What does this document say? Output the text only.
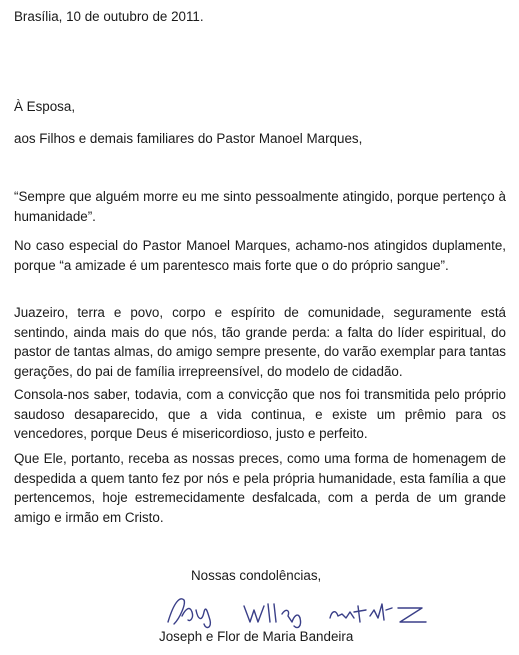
Brasília, 10 de outubro de 2011.

À Esposa,

aos Filhos e demais familiares do Pastor Manoel Marques,

“Sempre que alguém morre eu me sinto pessoalmente atingido, porque pertenço à humanidade”.

No caso especial do Pastor Manoel Marques, achamo-nos atingidos duplamente, porque “a amizade é um parentesco mais forte que o do próprio sangue”.

Juazeiro, terra e povo, corpo e espírito de comunidade, seguramente está sentindo, ainda mais do que nós, tão grande perda: a falta do líder espiritual, do pastor de tantas almas, do amigo sempre presente, do varão exemplar para tantas gerações, do pai de família irrepreensível, do modelo de cidadão.

Consola-nos saber, todavia, com a convicção que nos foi transmitida pelo próprio saudoso desaparecido, que a vida continua, e existe um prêmio para os vencedores, porque Deus é misericordioso, justo e perfeito.

Que Ele, portanto, receba as nossas preces, como uma forma de homenagem de despedida a quem tanto fez por nós e pela própria humanidade, esta família a que pertencemos, hoje estremecidamente desfalcada, com a perda de um grande amigo e irmão em Cristo.

Nossas condolências,

Joseph e Flor de Maria Bandeira
